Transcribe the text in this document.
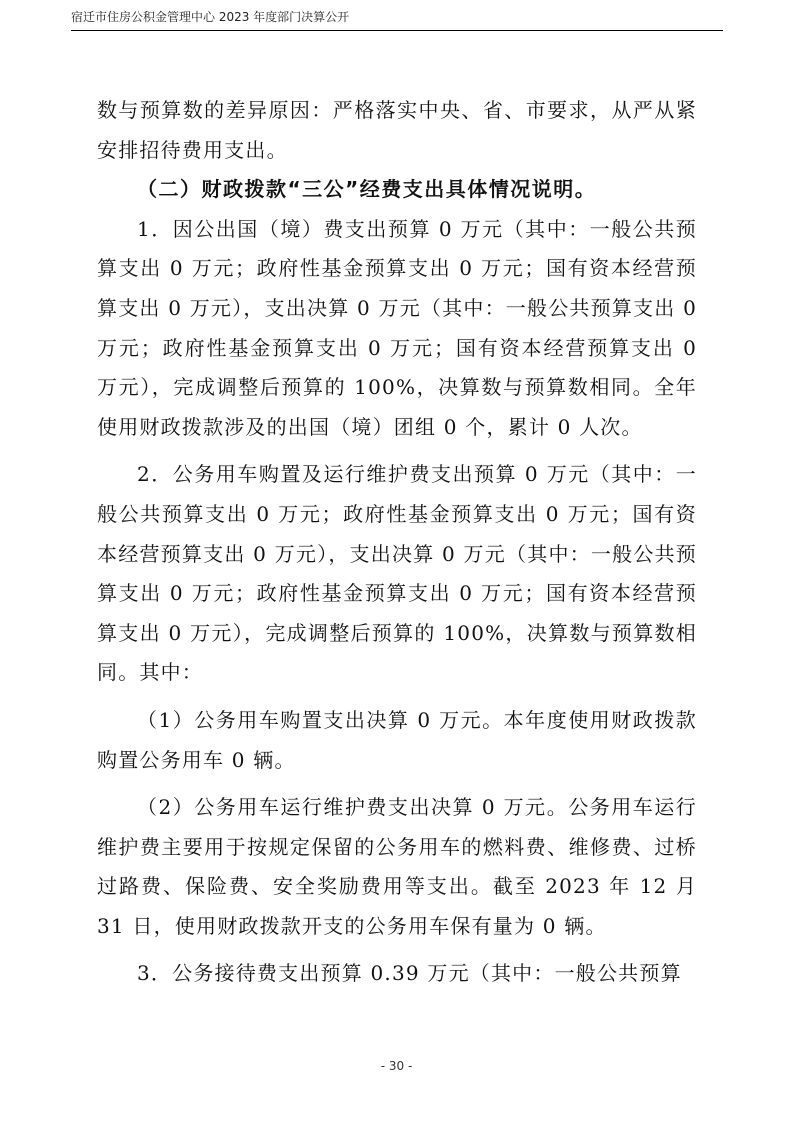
宿迁市住房公积金管理中心 2023 年度部门决算公开

数与预算数的差异原因：严格落实中央、省、市要求，从严从紧安排招待费用支出。

（二）财政拨款“三公”经费支出具体情况说明。

1．因公出国（境）费支出预算 0 万元（其中：一般公共预算支出 0 万元；政府性基金预算支出 0 万元；国有资本经营预算支出 0 万元），支出决算 0 万元（其中：一般公共预算支出 0 万元；政府性基金预算支出 0 万元；国有资本经营预算支出 0 万元），完成调整后预算的 100%，决算数与预算数相同。全年使用财政拨款涉及的出国（境）团组 0 个，累计 0 人次。

2．公务用车购置及运行维护费支出预算 0 万元（其中：一般公共预算支出 0 万元；政府性基金预算支出 0 万元；国有资本经营预算支出 0 万元），支出决算 0 万元（其中：一般公共预算支出 0 万元；政府性基金预算支出 0 万元；国有资本经营预算支出 0 万元），完成调整后预算的 100%，决算数与预算数相同。其中：

（1）公务用车购置支出决算 0 万元。本年度使用财政拨款购置公务用车 0 辆。

（2）公务用车运行维护费支出决算 0 万元。公务用车运行维护费主要用于按规定保留的公务用车的燃料费、维修费、过桥过路费、保险费、安全奖励费用等支出。截至 2023 年 12 月 31 日，使用财政拨款开支的公务用车保有量为 0 辆。

3．公务接待费支出预算 0.39 万元（其中：一般公共预算

- 30 -
